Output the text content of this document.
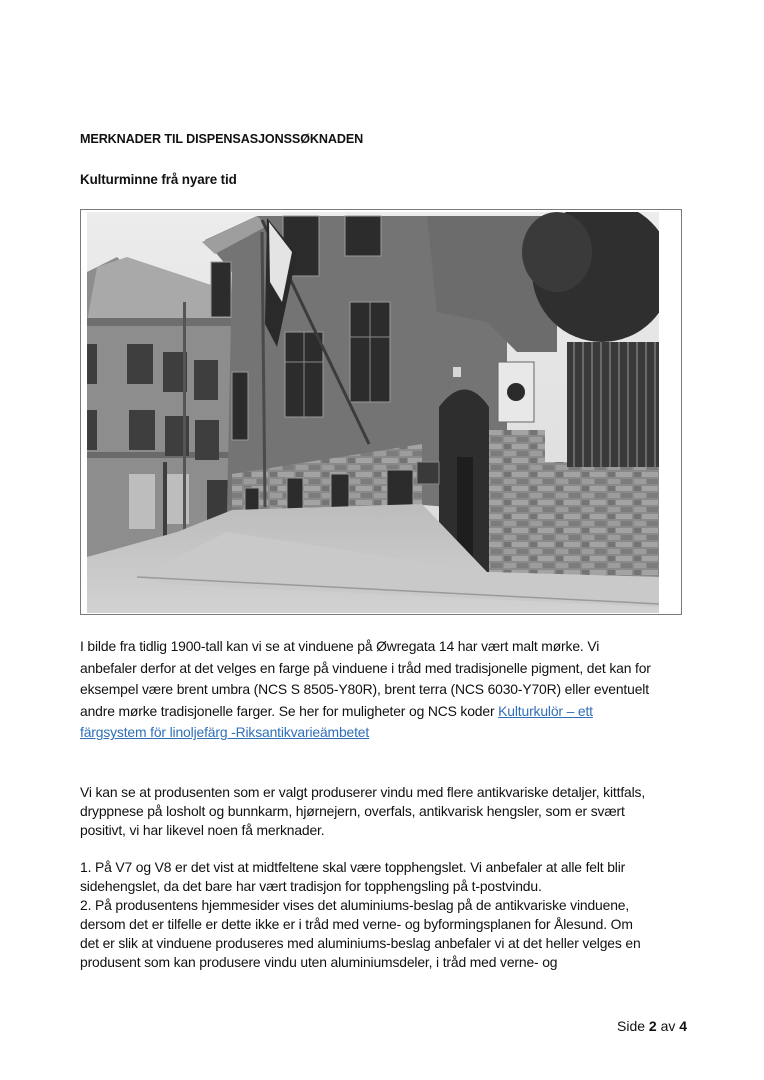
MERKNADER TIL DISPENSASJONSSØKNADEN
Kulturminne frå nyare tid
I bilde fra tidlig 1900-tall kan vi se at vinduene på Øwregata 14 har vært malt mørke. Vi
anbefaler derfor at det velges en farge på vinduene i tråd med tradisjonelle pigment, det kan for
eksempel være brent umbra (NCS S 8505-Y80R), brent terra (NCS 6030-Y70R) eller eventuelt
andre mørke tradisjonelle farger. Se her for muligheter og NCS koder Kulturkulör – ett
färgsystem för linoljefärg -Riksantikvarieämbetet
Vi kan se at produsenten som er valgt produserer vindu med flere antikvariske detaljer, kittfals,
dryppnese på losholt og bunnkarm, hjørnejern, overfals, antikvarisk hengsler, som er svært
positivt, vi har likevel noen få merknader.
1. På V7 og V8 er det vist at midtfeltene skal være topphengslet. Vi anbefaler at alle felt blir
sidehengslet, da det bare har vært tradisjon for topphengsling på t-postvindu.
2. På produsentens hjemmesider vises det aluminiums-beslag på de antikvariske vinduene,
dersom det er tilfelle er dette ikke er i tråd med verne- og byformingsplanen for Ålesund. Om
det er slik at vinduene produseres med aluminiums-beslag anbefaler vi at det heller velges en
produsent som kan produsere vindu uten aluminiumsdeler, i tråd med verne- og
Side 2 av 4
